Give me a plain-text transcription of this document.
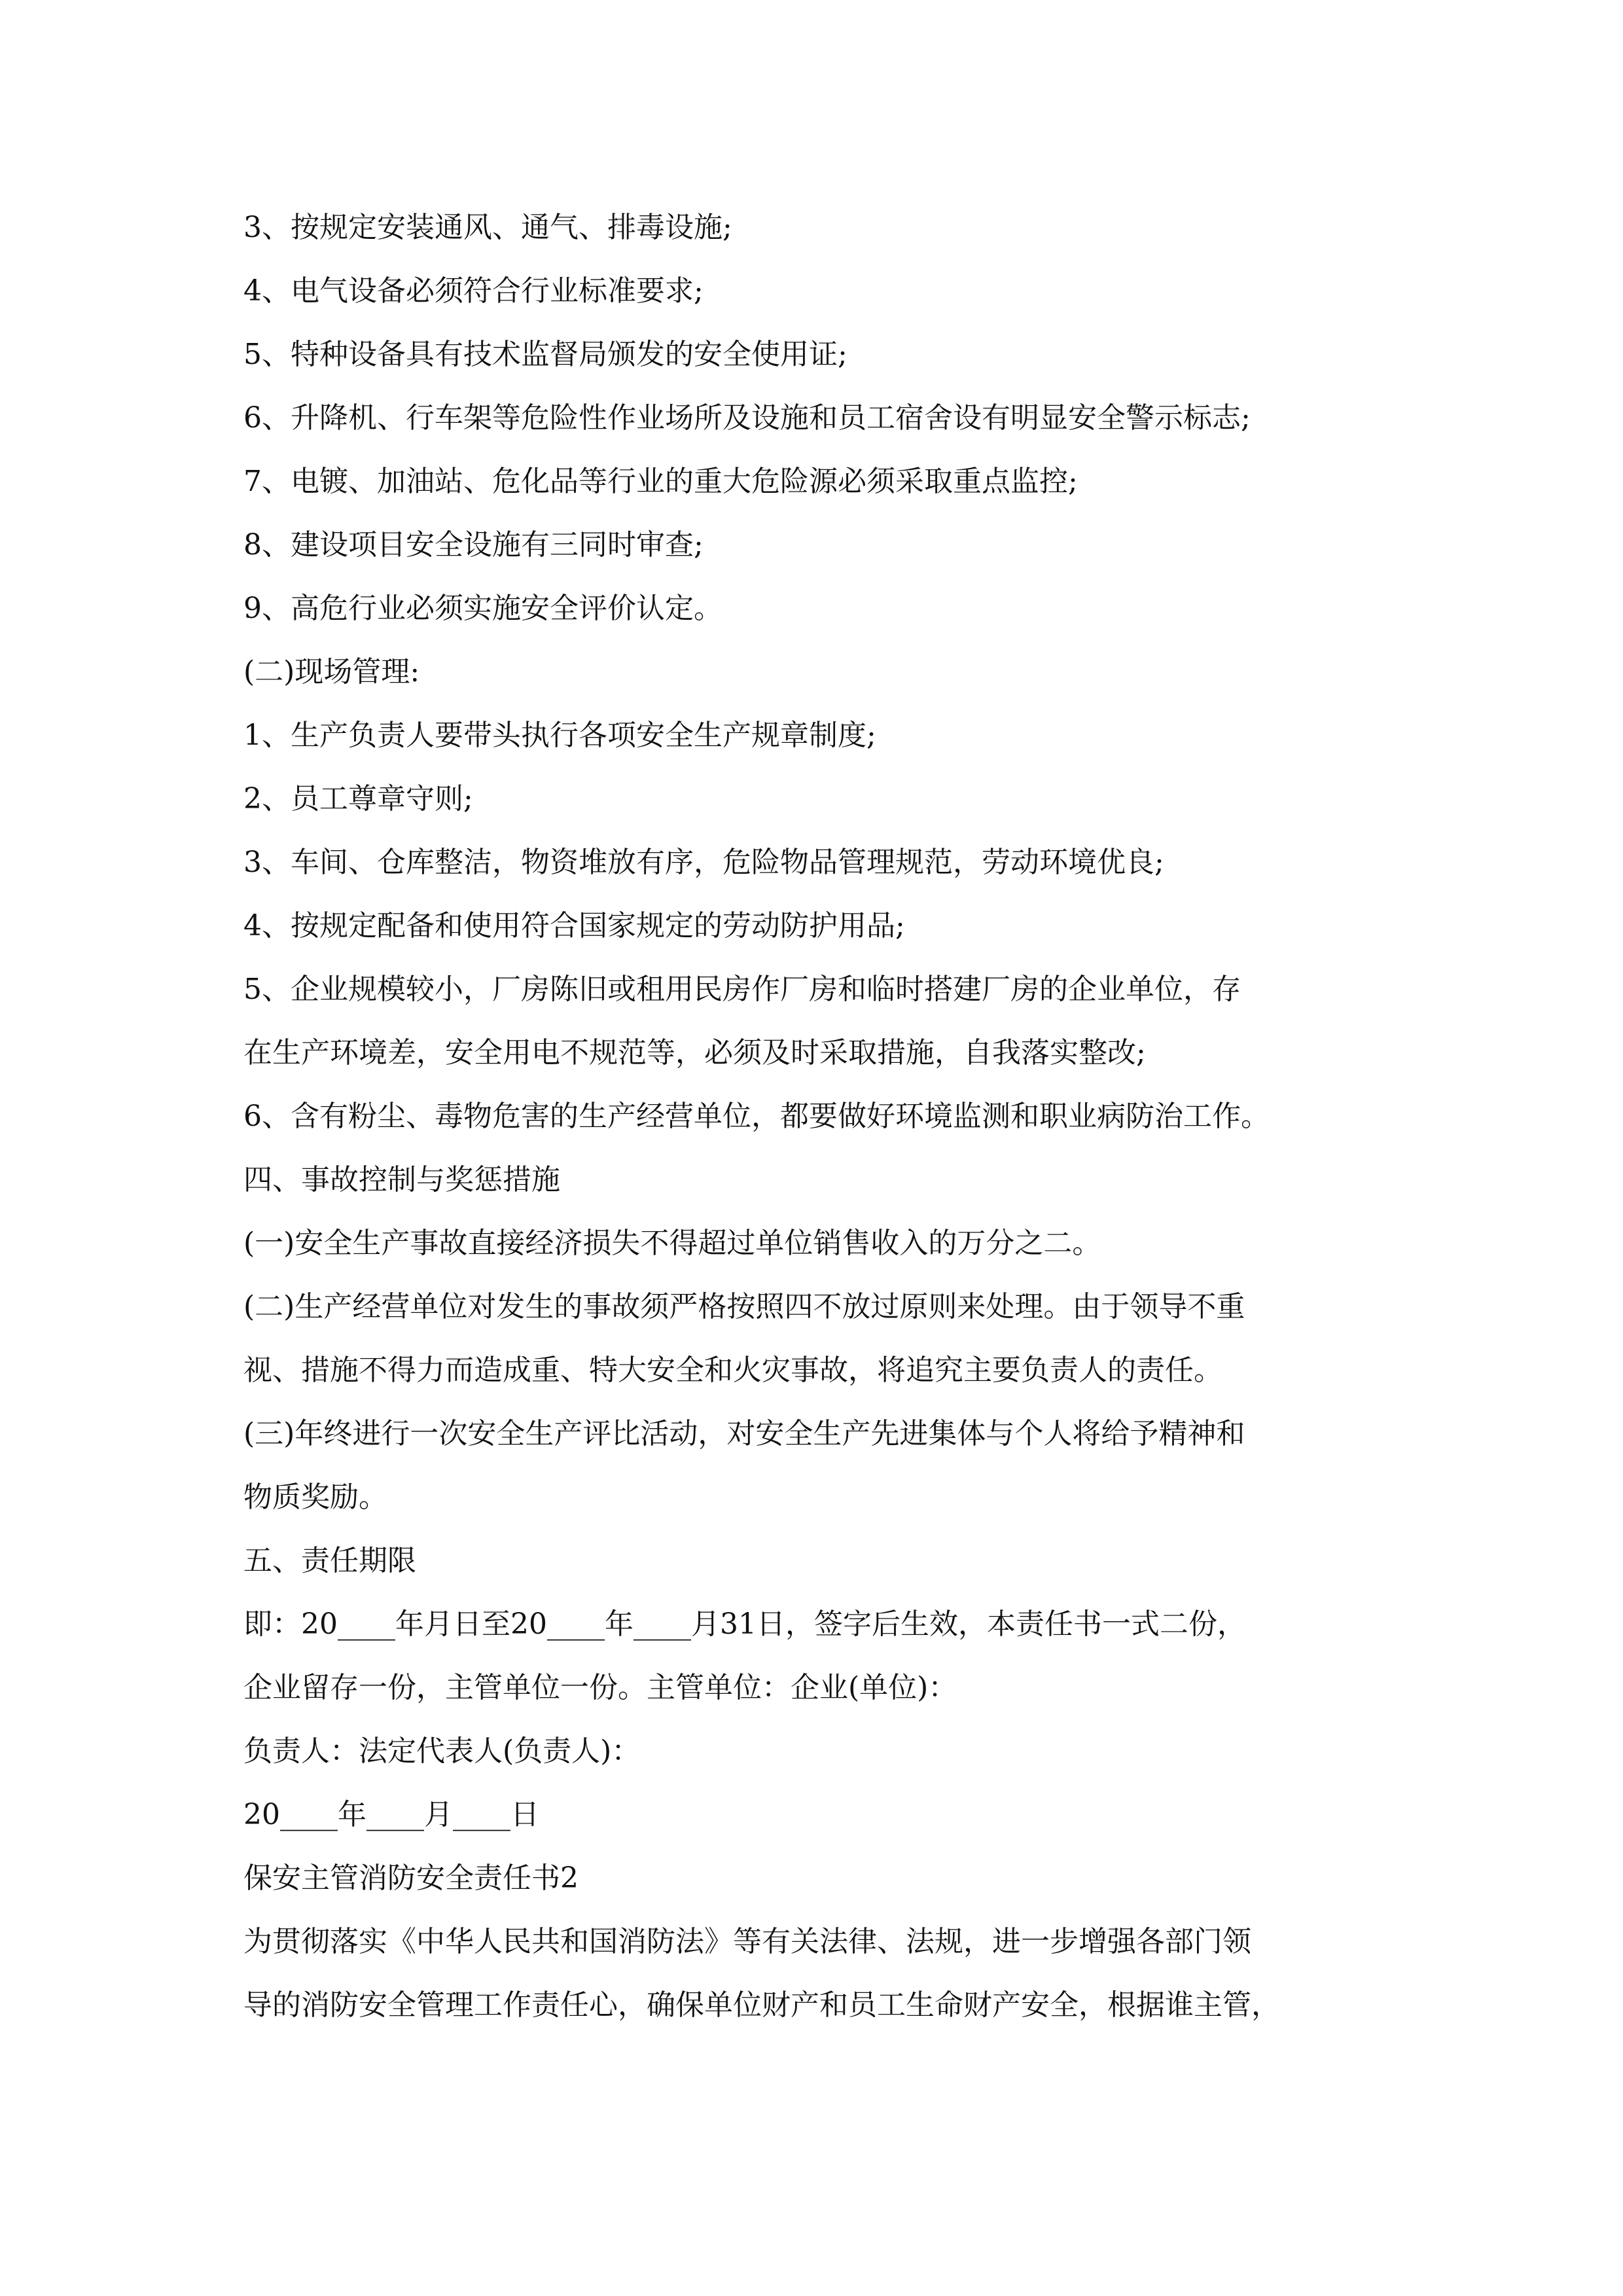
3、按规定安装通风、通气、排毒设施;
4、电气设备必须符合行业标准要求;
5、特种设备具有技术监督局颁发的安全使用证;
6、升降机、行车架等危险性作业场所及设施和员工宿舍设有明显安全警示标志;
7、电镀、加油站、危化品等行业的重大危险源必须采取重点监控;
8、建设项目安全设施有三同时审查;
9、高危行业必须实施安全评价认定。
(二)现场管理:
1、生产负责人要带头执行各项安全生产规章制度;
2、员工尊章守则;
3、车间、仓库整洁，物资堆放有序，危险物品管理规范，劳动环境优良;
4、按规定配备和使用符合国家规定的劳动防护用品;
5、企业规模较小，厂房陈旧或租用民房作厂房和临时搭建厂房的企业单位，存
在生产环境差，安全用电不规范等，必须及时采取措施，自我落实整改;
6、含有粉尘、毒物危害的生产经营单位，都要做好环境监测和职业病防治工作。
四、事故控制与奖惩措施
(一)安全生产事故直接经济损失不得超过单位销售收入的万分之二。
(二)生产经营单位对发生的事故须严格按照四不放过原则来处理。由于领导不重
视、措施不得力而造成重、特大安全和火灾事故，将追究主要负责人的责任。
(三)年终进行一次安全生产评比活动，对安全生产先进集体与个人将给予精神和
物质奖励。
五、责任期限
即：20____年月日至20____年____月31日，签字后生效，本责任书一式二份，
企业留存一份，主管单位一份。主管单位：企业(单位)：
负责人：法定代表人(负责人)：
20____年____月____日
保安主管消防安全责任书2
为贯彻落实《中华人民共和国消防法》等有关法律、法规，进一步增强各部门领
导的消防安全管理工作责任心，确保单位财产和员工生命财产安全，根据谁主管，
